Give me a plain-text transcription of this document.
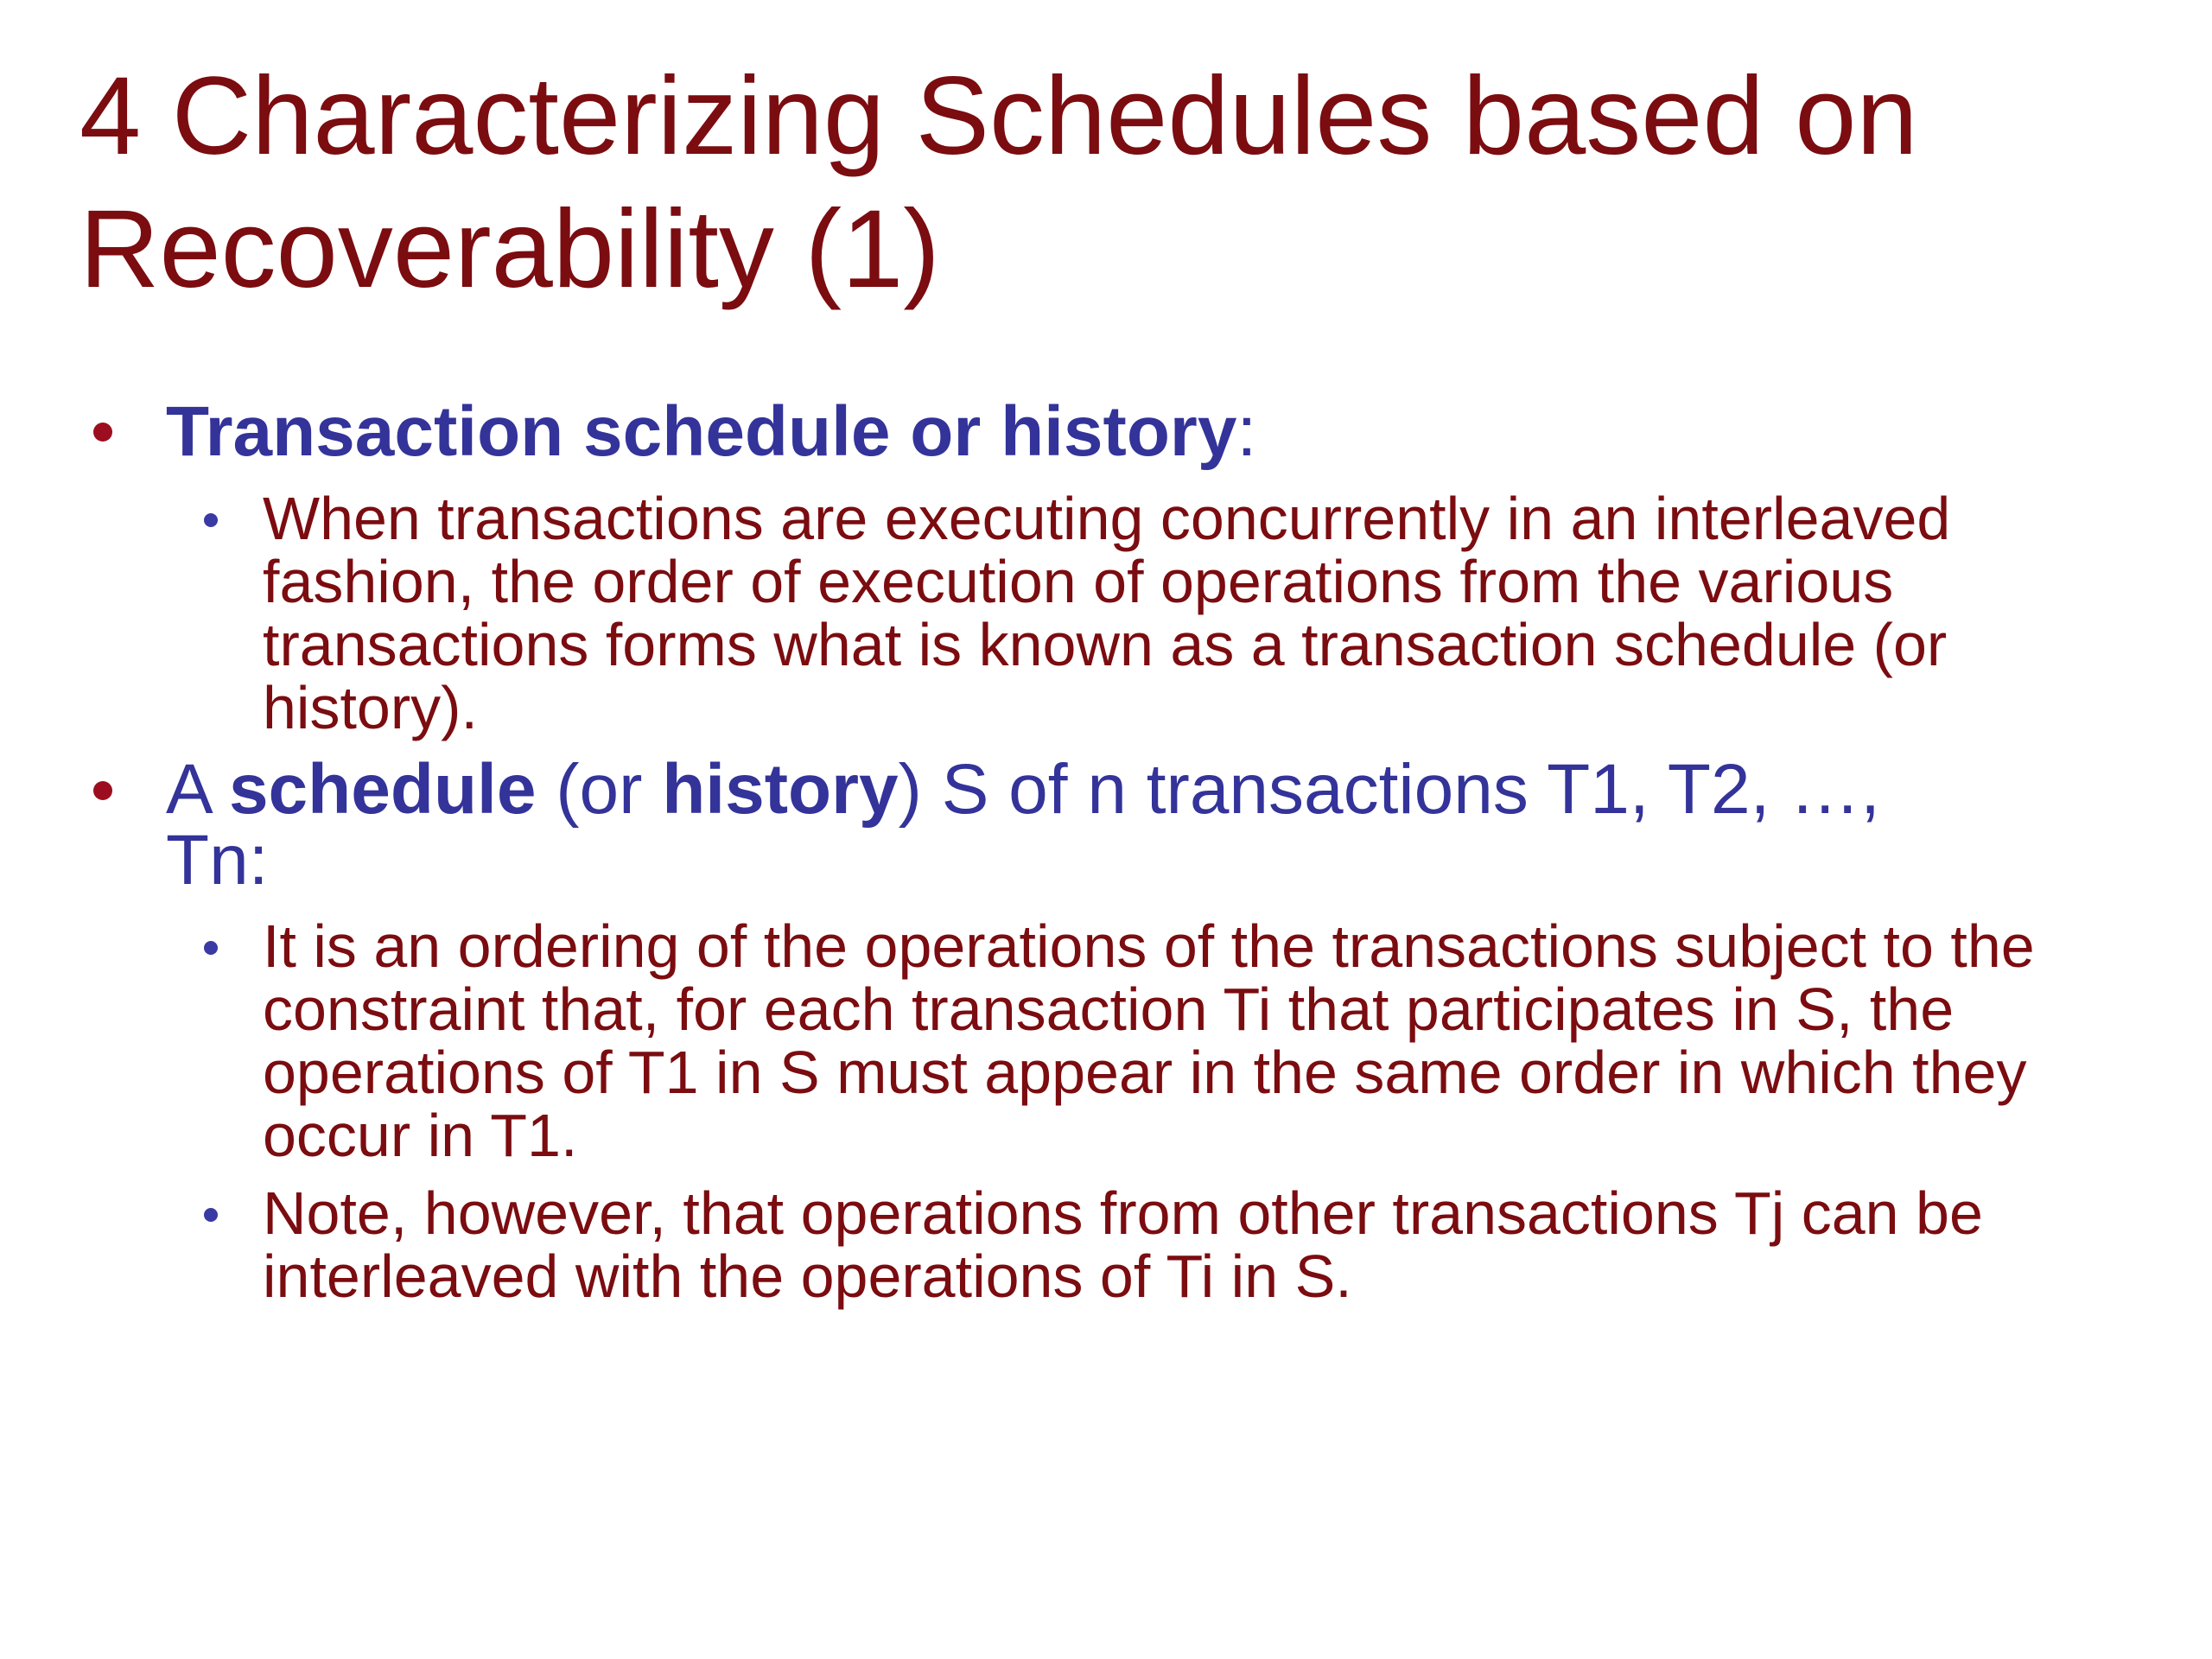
4 Characterizing Schedules based on Recoverability (1)
Transaction schedule or history:
When transactions are executing concurrently in an interleaved fashion, the order of execution of operations from the various transactions forms what is known as a transaction schedule (or history).
A schedule (or history) S of n transactions T1, T2, …, Tn:
It is an ordering of the operations of the transactions subject to the constraint that, for each transaction Ti that participates in S, the operations of T1 in S must appear in the same order in which they occur in T1.
Note, however, that operations from other transactions Tj can be interleaved with the operations of Ti in S.
